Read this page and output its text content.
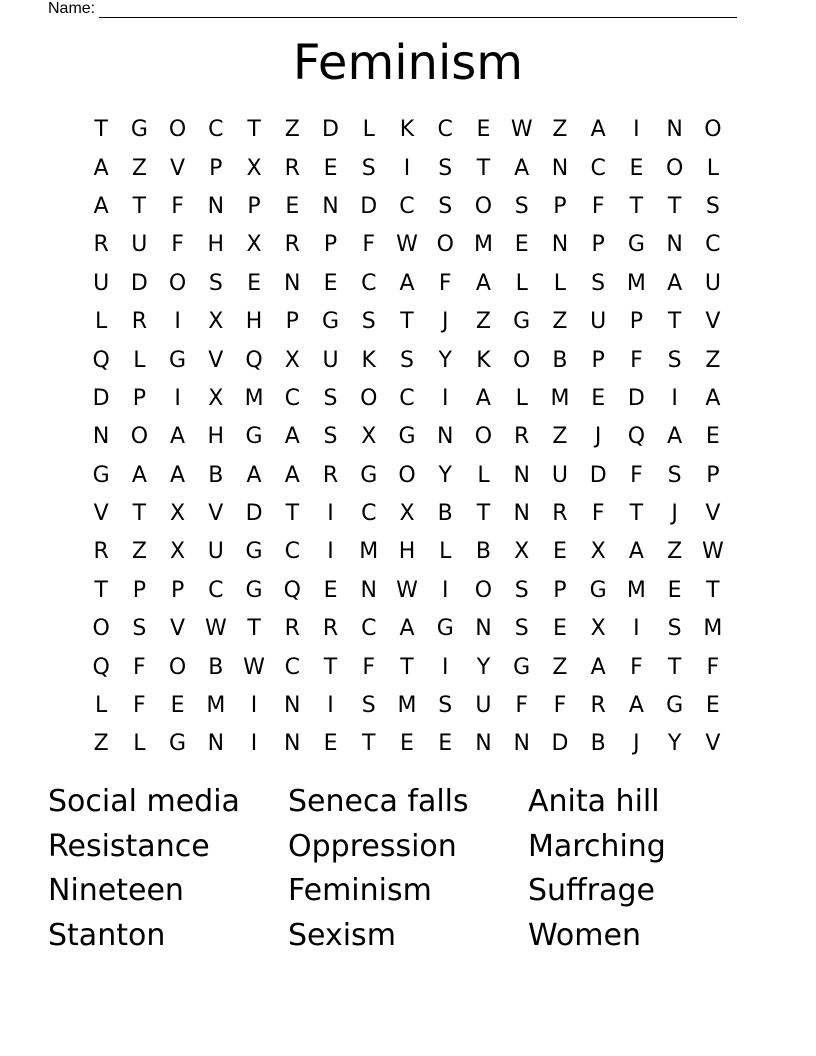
Name:
Feminism
T	G O C	T	Z	D	L	K	C	E W Z	A	I	N O
A	Z	V	P	X	R	E	S	I	S	T	A	N	C	E	O	L
A	T	F	N	P	E	N D	C	S	O	S	P	F	T	T	S
R	U	F	H	X	R	P	F W O M E	N	P	G N	C
U D O	S	E	N	E	C	A	F	A	L	L	S M A	U
L	R	I	X	H	P	G	S	T	J	Z	G	Z	U	P	T	V
Q	L	G	V	Q	X	U	K	S	Y	K	O	B	P	F	S	Z
D	P	I	X M C	S	O C	I	A	L	M E	D	I	A
N O	A	H G	A	S	X	G N O R	Z	J	Q	A	E
G	A	A	B	A	A	R	G O	Y	L	N U D	F	S	P
V	T	X	V	D	T	I	C	X	B	T	N	R	F	T	J	V
R	Z	X	U G	C	I	M H	L	B	X	E	X	A	Z W
T	P	P	C	G Q	E	N W	I	O	S	P	G M E	T
O	S	V W T	R	R	C	A	G N	S	E	X	I	S M
Q	F	O	B W C	T	F	T	I	Y	G	Z	A	F	T	F
L	F	E M	I	N	I	S M S	U	F	F	R	A	G	E
Z	L	G N	I	N	E	T	E	E	N N D	B	J	Y	V
Social media	Seneca falls	Anita hill
Resistance	Oppression	Marching
Nineteen	Feminism	Suffrage
Stanton	Sexism	Women
